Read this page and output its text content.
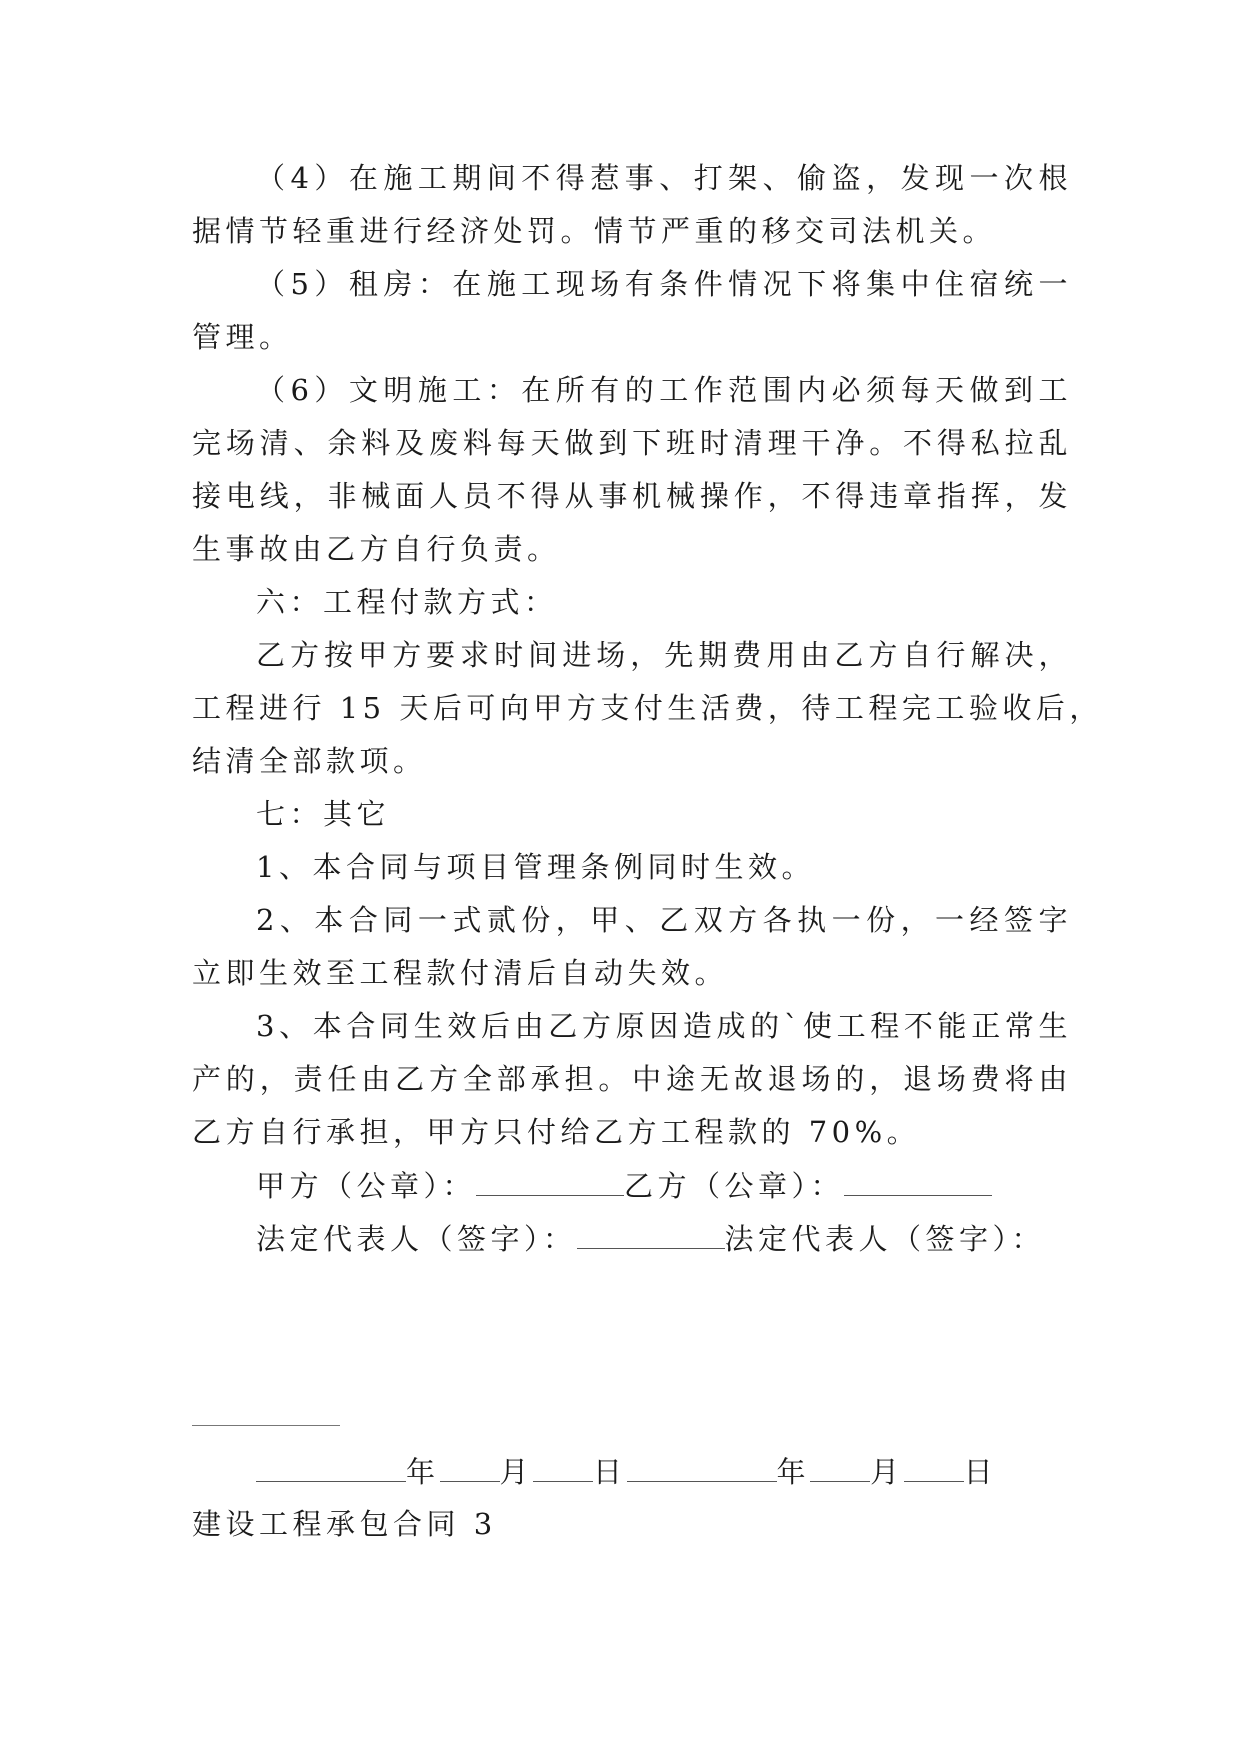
（4）在施工期间不得惹事、打架、偷盗，发现一次根
据情节轻重进行经济处罚。情节严重的移交司法机关。
（5）租房：在施工现场有条件情况下将集中住宿统一
管理。
（6）文明施工：在所有的工作范围内必须每天做到工
完场清、余料及废料每天做到下班时清理干净。不得私拉乱
接电线，非械面人员不得从事机械操作，不得违章指挥，发
生事故由乙方自行负责。
六：工程付款方式：
乙方按甲方要求时间进场，先期费用由乙方自行解决，
工程进行 15 天后可向甲方支付生活费，待工程完工验收后，
结清全部款项。
七：其它
1、本合同与项目管理条例同时生效。
2、本合同一式贰份，甲、乙双方各执一份，一经签字
立即生效至工程款付清后自动失效。
3、本合同生效后由乙方原因造成的`使工程不能正常生
产的，责任由乙方全部承担。中途无故退场的，退场费将由
乙方自行承担，甲方只付给乙方工程款的 70%。
甲方（公章）：	乙方（公章）：
法定代表人（签字）：	法定代表人（签字）：
年 月 日	年 月 日
建设工程承包合同 3
